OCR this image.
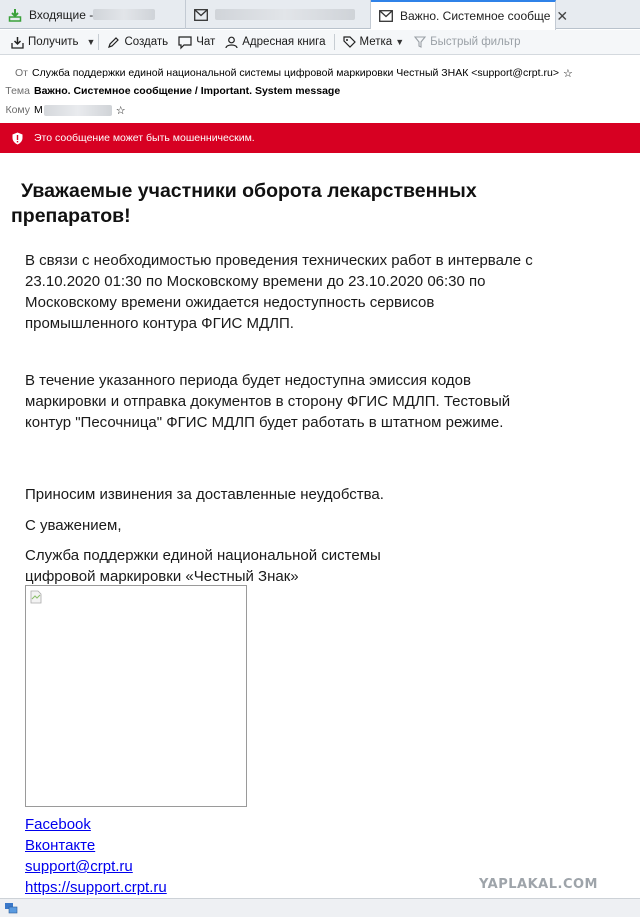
Входящие -	Важно. Системное сообще ✕
Получить ▼	Создать Чат Адресная книга	Метка ▼ Быстрый фильтр
От Служба поддержки единой национальной системы цифровой маркировки Честный ЗНАК <support@crpt.ru> ☆
Тема Важно. Системное сообщение / Important. System message
Кому M	☆
Это сообщение может быть мошенническим.
Уважаемые участники оборота лекарственных препаратов!
В связи с необходимостью проведения технических работ в интервале с 23.10.2020 01:30 по Московскому времени до 23.10.2020 06:30 по Московскому времени ожидается недоступность сервисов промышленного контура ФГИС МДЛП.
В течение указанного периода будет недоступна эмиссия кодов маркировки и отправка документов в сторону ФГИС МДЛП. Тестовый контур "Песочница" ФГИС МДЛП будет работать в штатном режиме.
Приносим извинения за доставленные неудобства.
С уважением,
Служба поддержки единой национальной системы цифровой маркировки «Честный Знак»
Facebook
Вконтакте
support@crpt.ru
https://support.crpt.ru	YAPLAKAL.COM
